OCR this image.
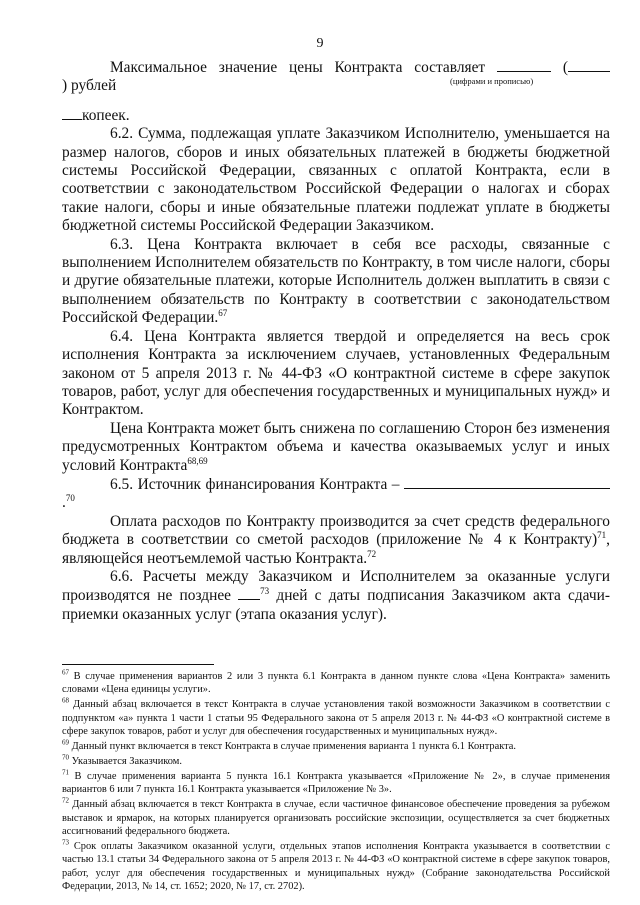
9

Максимальное значение цены Контракта составляет	() рублей	(цифрами и прописью)

копеек.

6.2. Сумма, подлежащая уплате Заказчиком Исполнителю, уменьшается на размер налогов, сборов и иных обязательных платежей в бюджеты бюджетной системы Российской Федерации, связанных с оплатой Контракта, если в соответствии с законодательством Российской Федерации о налогах и сборах такие налоги, сборы и иные обязательные платежи подлежат уплате в бюджеты бюджетной системы Российской Федерации Заказчиком.

6.3. Цена Контракта включает в себя все расходы, связанные с выполнением Исполнителем обязательств по Контракту, в том числе налоги, сборы и другие обязательные платежи, которые Исполнитель должен выплатить в связи с выполнением обязательств по Контракту в соответствии с законодательством Российской Федерации.$^{67}$

6.4. Цена Контракта является твердой и определяется на весь срок исполнения Контракта за исключением случаев, установленных Федеральным законом от 5 апреля 2013 г. № 44-ФЗ «О контрактной системе в сфере закупок товаров, работ, услуг для обеспечения государственных и муниципальных нужд» и Контрактом.

Цена Контракта может быть снижена по соглашению Сторон без изменения предусмотренных Контрактом объема и качества оказываемых услуг и иных условий Контракта$^{68,69}$

6.5. Источник финансирования Контракта – .$^{70}$

Оплата расходов по Контракту производится за счет средств федерального бюджета в соответствии со сметой расходов (приложение № 4 к Контракту)$^{71}$, являющейся неотъемлемой частью Контракта.$^{72}$

6.6. Расчеты между Заказчиком и Исполнителем за оказанные услуги производятся не позднее	$^{73}$ дней с даты подписания Заказчиком акта сдачи-приемки оказанных услуг (этапа оказания услуг).

$^{67}$ В случае применения вариантов 2 или 3 пункта 6.1 Контракта в данном пункте слова «Цена Контракта» заменить словами «Цена единицы услуги».

$^{68}$ Данный абзац включается в текст Контракта в случае установления такой возможности Заказчиком в соответствии с подпунктом «а» пункта 1 части 1 статьи 95 Федерального закона от 5 апреля 2013 г. № 44-ФЗ «О контрактной системе в сфере закупок товаров, работ и услуг для обеспечения государственных и муниципальных нужд».

$^{69}$ Данный пункт включается в текст Контракта в случае применения варианта 1 пункта 6.1 Контракта.

$^{70}$ Указывается Заказчиком.

$^{71}$ В случае применения варианта 5 пункта 16.1 Контракта указывается «Приложение № 2», в случае применения вариантов 6 или 7 пункта 16.1 Контракта указывается «Приложение № 3».

$^{72}$ Данный абзац включается в текст Контракта в случае, если частичное финансовое обеспечение проведения за рубежом выставок и ярмарок, на которых планируется организовать российские экспозиции, осуществляется за счет бюджетных ассигнований федерального бюджета.

$^{73}$ Срок оплаты Заказчиком оказанной услуги, отдельных этапов исполнения Контракта указывается в соответствии с частью 13.1 статьи 34 Федерального закона от 5 апреля 2013 г. № 44-ФЗ «О контрактной системе в сфере закупок товаров, работ, услуг для обеспечения государственных и муниципальных нужд» (Собрание законодательства Российской Федерации, 2013, № 14, ст. 1652; 2020, № 17, ст. 2702).
